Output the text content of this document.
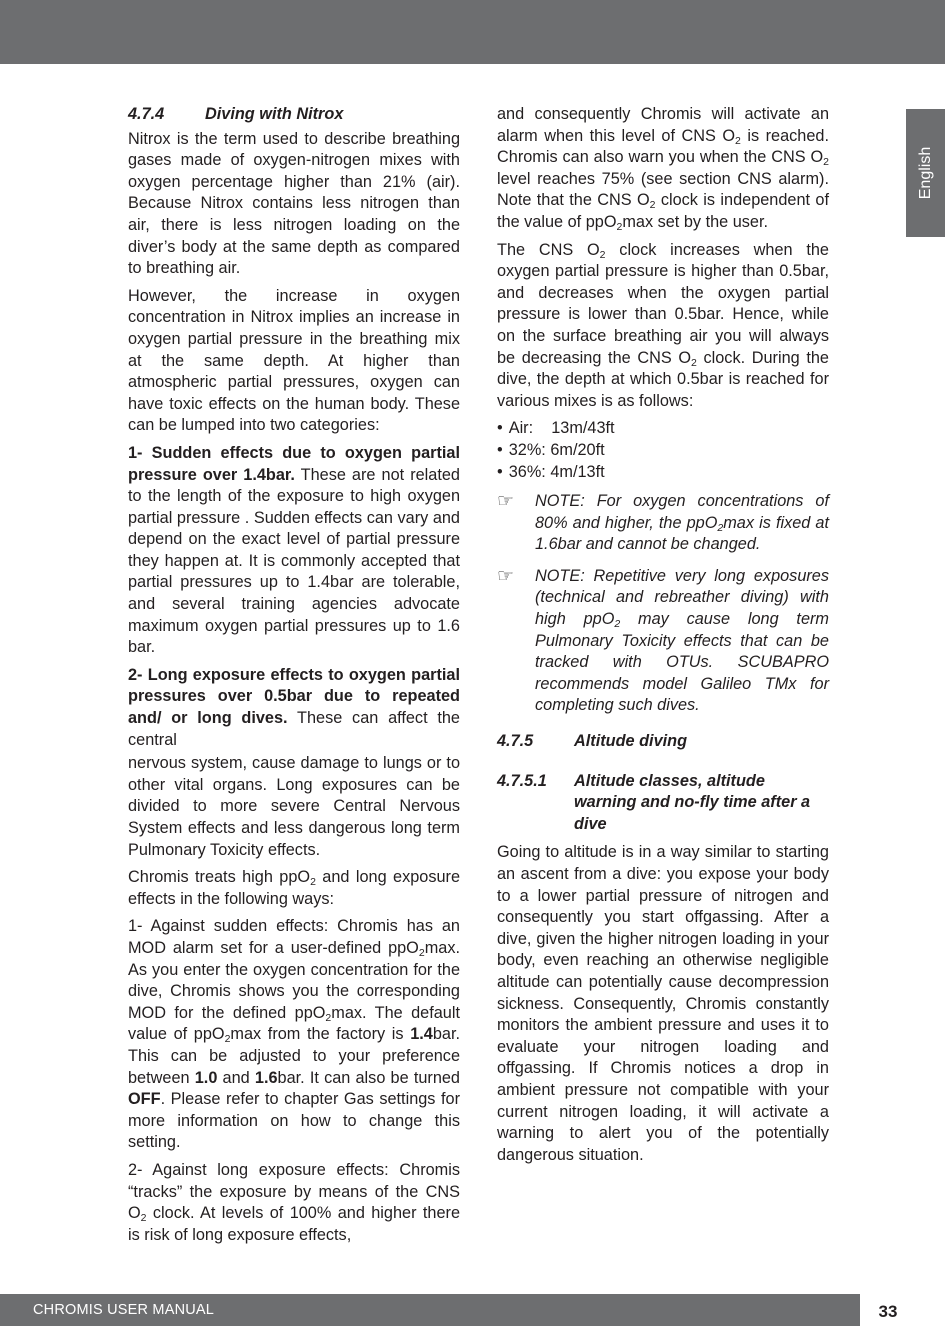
English
4.7.4	Diving with Nitrox

Nitrox is the term used to describe breathing gases made of oxygen-nitrogen mixes with oxygen percentage higher than 21% (air). Because Nitrox contains less nitrogen than air, there is less nitrogen loading on the diver’s body at the same depth as compared to breathing air.

However, the increase in oxygen concentration in Nitrox implies an increase in oxygen partial pressure in the breathing mix at the same depth. At higher than atmospheric partial pressures, oxygen can have toxic effects on the human body. These can be lumped into two categories:

1- Sudden effects due to oxygen partial pressure over 1.4bar. These are not related to the length of the exposure to high oxygen partial pressure . Sudden effects can vary and depend on the exact level of partial pressure they happen at. It is commonly accepted that partial pressures up to 1.4bar are tolerable, and several training agencies advocate maximum oxygen partial pressures up to 1.6 bar.

2- Long exposure effects to oxygen partial pressures over 0.5bar due to repeated and/ or long dives. These can affect the central

nervous system, cause damage to lungs or to other vital organs. Long exposures can be divided to more severe Central Nervous System effects and less dangerous long term Pulmonary Toxicity effects.

Chromis treats high ppO$_2$ and long exposure effects in the following ways:

1- Against sudden effects: Chromis has an MOD alarm set for a user-defined ppO$_2$max. As you enter the oxygen concentration for the dive, Chromis shows you the corresponding MOD for the defined ppO$_2$max. The default value of ppO$_2$max from the factory is 1.4bar. This can be adjusted to your preference between 1.0 and 1.6bar. It can also be turned OFF. Please refer to chapter Gas settings for more information on how to change this setting.

2- Against long exposure effects: Chromis “tracks” the exposure by means of the CNS $O_2$ clock. At levels of 100% and higher there is risk of long exposure effects,

and consequently Chromis will activate an alarm when this level of CNS $O_2$ is reached. Chromis can also warn you when the CNS $O_2$ level reaches 75% (see section CNS alarm). Note that the CNS $O_2$ clock is independent of the value of ppO$_2$max set by the user.

The CNS $O_2$ clock increases when the oxygen partial pressure is higher than 0.5bar, and decreases when the oxygen partial pressure is lower than 0.5bar. Hence, while on the surface breathing air you will always be decreasing the CNS $O_2$ clock. During the dive, the depth at which 0.5bar is reached for various mixes is as follows:

• Air:    13m/43ft
• 32%: 6m/20ft
• 36%: 4m/13ft
☞	NOTE: For oxygen concentrations of 80% and higher, the ppO$_2$max is fixed at 1.6bar and cannot be changed.
☞	NOTE: Repetitive very long exposures (technical and rebreather diving) with high ppO$_2$ may cause long term Pulmonary Toxicity effects that can be tracked with OTUs. SCUBAPRO recommends model Galileo TMx for completing such dives.
4.7.5	Altitude diving
4.7.5.1	Altitude classes, altitude warning and no-fly time after a dive

Going to altitude is in a way similar to starting an ascent from a dive: you expose your body to a lower partial pressure of nitrogen and consequently you start offgassing. After a dive, given the higher nitrogen loading in your body, even reaching an otherwise negligible altitude can potentially cause decompression sickness. Consequently, Chromis constantly monitors the ambient pressure and uses it to evaluate your nitrogen loading and offgassing. If Chromis notices a drop in ambient pressure not compatible with your current nitrogen loading, it will activate a warning to alert you of the potentially dangerous situation.

CHROMIS USER MANUAL	33
